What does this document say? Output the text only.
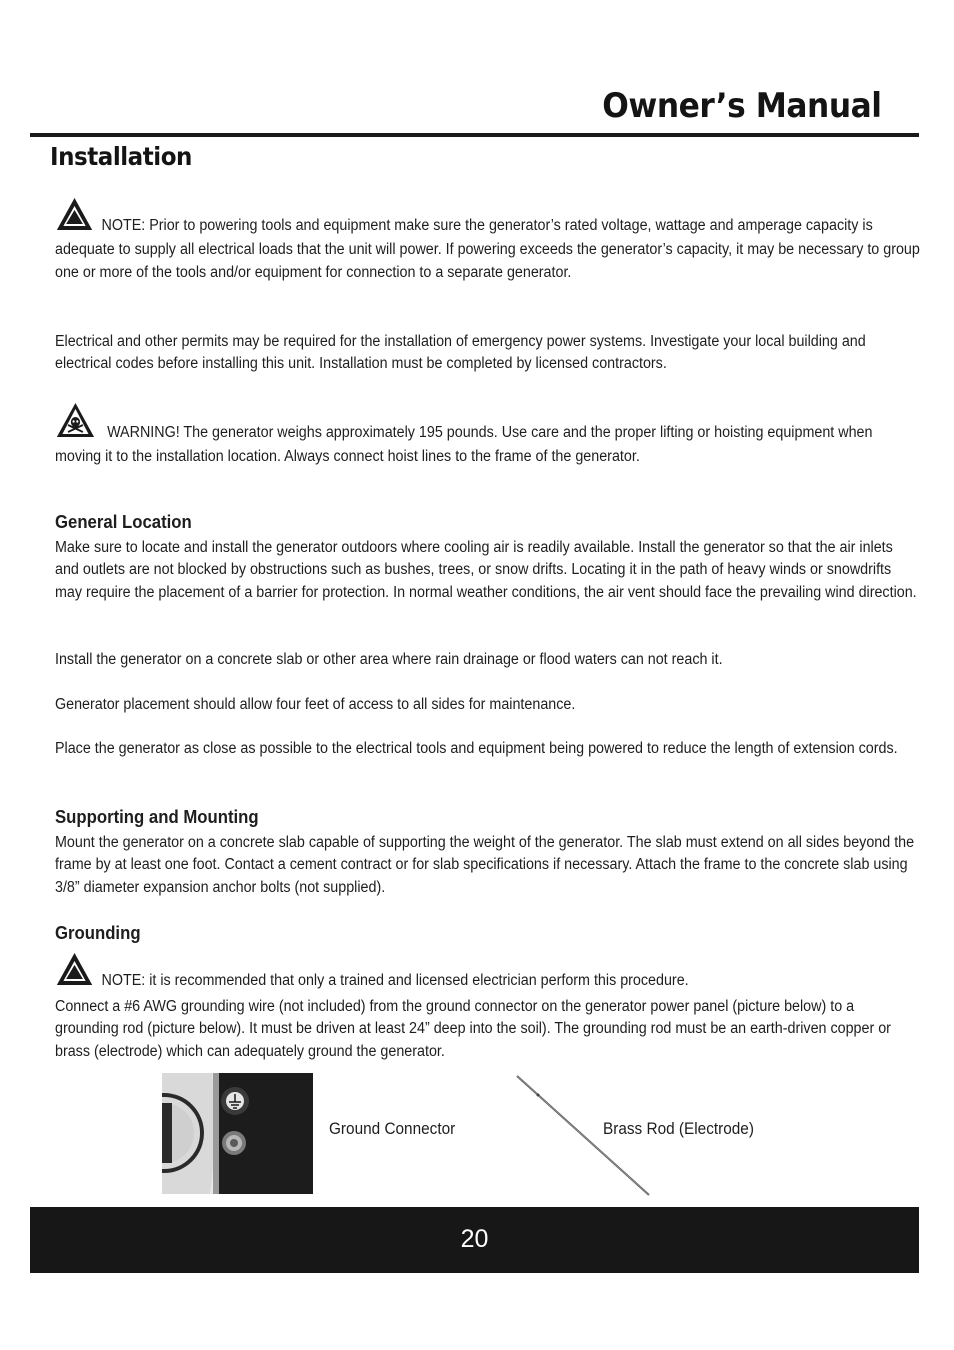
Owner’s Manual
Installation
NOTE: Prior to powering tools and equipment make sure the generator’s rated voltage, wattage and amperage capacity is adequate to supply all electrical loads that the unit will power. If powering exceeds the generator’s capacity, it may be necessary to group one or more of the tools and/or equipment for connection to a separate generator.
Electrical and other permits may be required for the installation of emergency power systems. Investigate your local building and electrical codes before installing this unit. Installation must be completed by licensed contractors.
WARNING! The generator weighs approximately 195 pounds. Use care and the proper lifting or hoisting equipment when moving it to the installation location. Always connect hoist lines to the frame of the generator.
General Location
Make sure to locate and install the generator outdoors where cooling air is readily available. Install the generator so that the air inlets and outlets are not blocked by obstructions such as bushes, trees, or snow drifts. Locating it in the path of heavy winds or snowdrifts may require the placement of a barrier for protection. In normal weather conditions, the air vent should face the prevailing wind direction.
Install the generator on a concrete slab or other area where rain drainage or flood waters can not reach it.
Generator placement should allow four feet of access to all sides for maintenance.
Place the generator as close as possible to the electrical tools and equipment being powered to reduce the length of extension cords.
Supporting and Mounting
Mount the generator on a concrete slab capable of supporting the weight of the generator. The slab must extend on all sides beyond the frame by at least one foot. Contact a cement contract or for slab specifications if necessary. Attach the frame to the concrete slab using 3/8” diameter expansion anchor bolts (not supplied).
Grounding
NOTE: it is recommended that only a trained and licensed electrician perform this procedure.
Connect a #6 AWG grounding wire (not included) from the ground connector on the generator power panel (picture below) to a grounding rod (picture below). It must be driven at least 24” deep into the soil). The grounding rod must be an earth-driven copper or brass (electrode) which can adequately ground the generator.
Ground Connector	Brass Rod (Electrode)
20
